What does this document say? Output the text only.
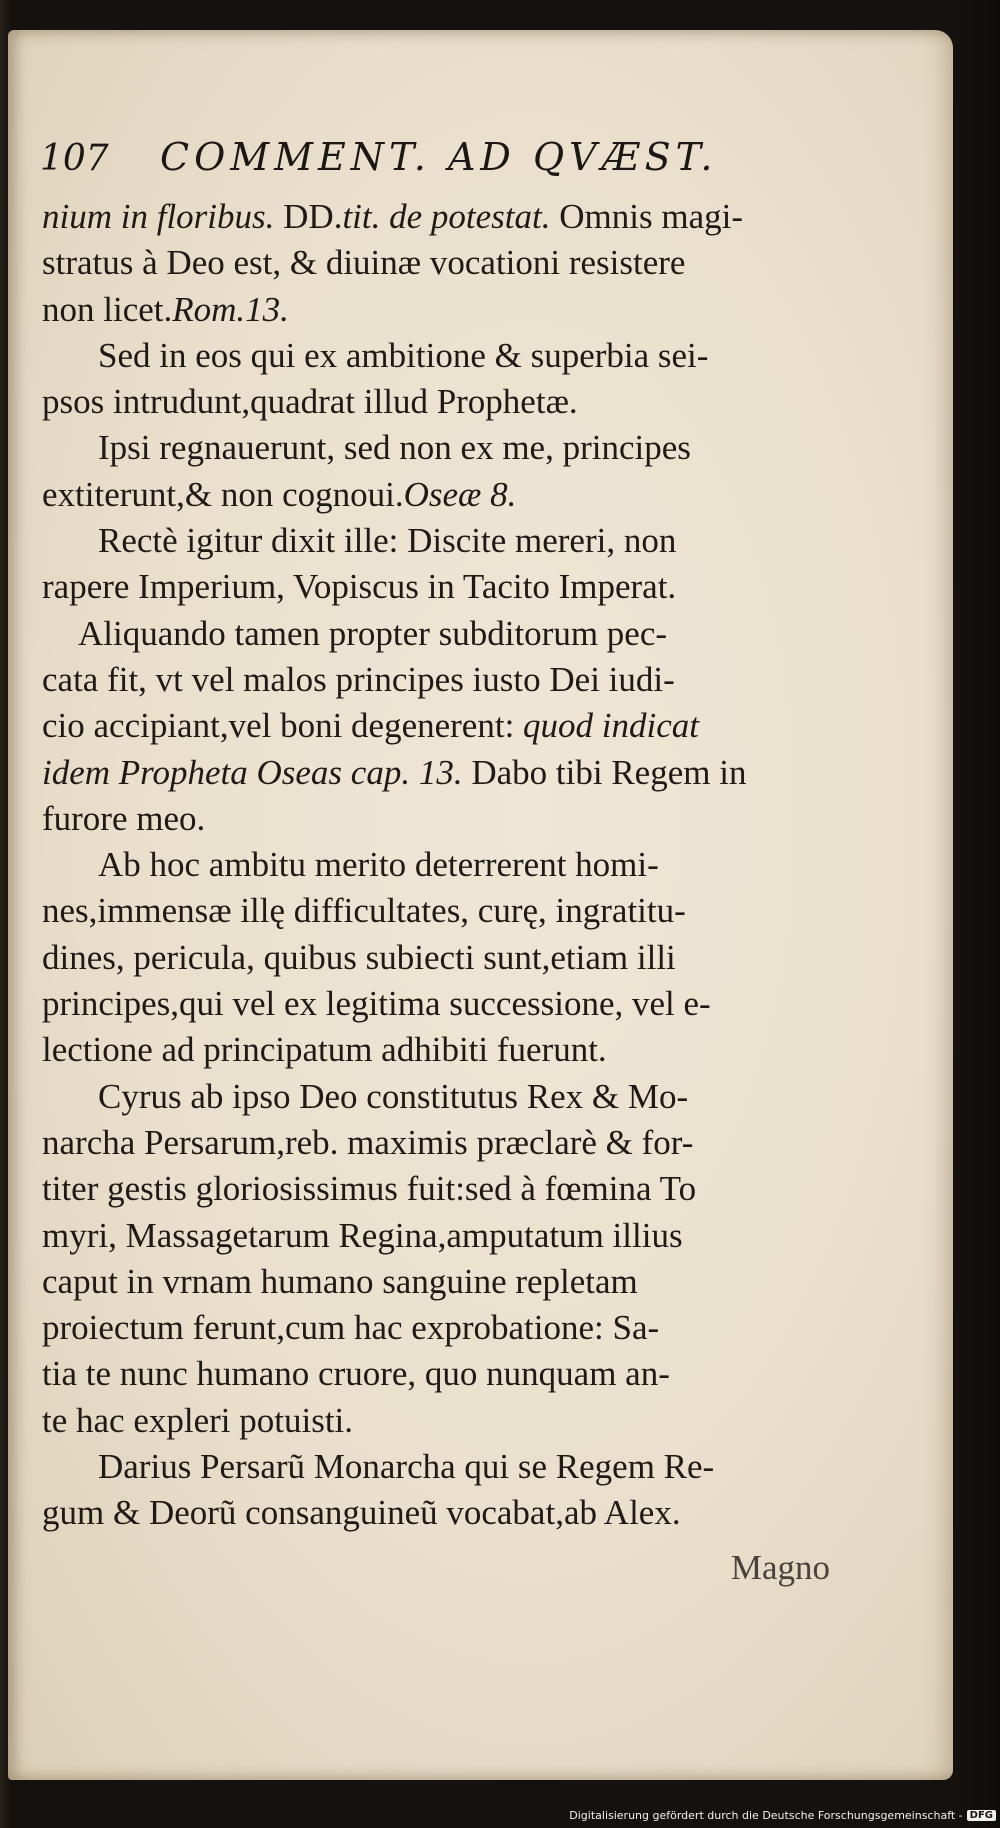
107	COMMENT. AD QVÆST.
nium in floribus. DD.tit. de potestat. Omnis magi-
stratus à Deo est, & diuinæ vocationi resistere
non licet.Rom.13.
Sed in eos qui ex ambitione & superbia sei-
psos intrudunt,quadrat illud Prophetæ.
Ipsi regnauerunt, sed non ex me, principes
extiterunt,& non cognoui.Oseæ 8.
Rectè igitur dixit ille: Discite mereri, non
rapere Imperium, Vopiscus in Tacito Imperat.
Aliquando tamen propter subditorum pec-
cata fit, vt vel malos principes iusto Dei iudi-
cio accipiant,vel boni degenerent: quod indicat
idem Propheta Oseas cap. 13. Dabo tibi Regem in
furore meo.
Ab hoc ambitu merito deterrerent homi-
nes,immensæ illę difficultates, curę, ingratitu-
dines, pericula, quibus subiecti sunt,etiam illi
principes,qui vel ex legitima successione, vel e-
lectione ad principatum adhibiti fuerunt.
Cyrus ab ipso Deo constitutus Rex & Mo-
narcha Persarum,reb. maximis præclarè & for-
titer gestis gloriosissimus fuit:sed à fœmina To
myri, Massagetarum Regina,amputatum illius
caput in vrnam humano sanguine repletam
proiectum ferunt,cum hac exprobatione: Sa-
tia te nunc humano cruore, quo nunquam an-
te hac expleri potuisti.
Darius Persarũ Monarcha qui se Regem Re-
gum & Deorũ consanguineũ vocabat,ab Alex.
Magno
Digitalisierung gefördert durch die Deutsche Forschungsgemeinschaft - DFG
